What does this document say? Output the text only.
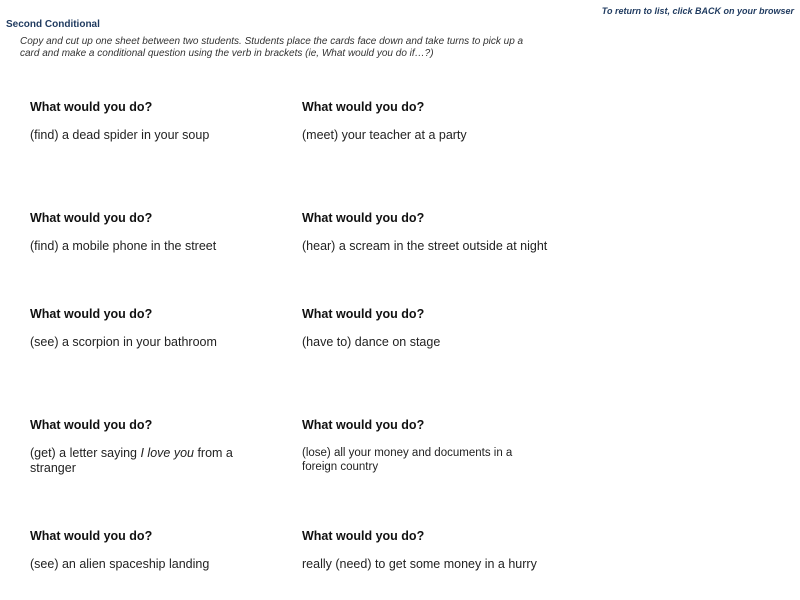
To return to list, click BACK on your browser
Second Conditional
Copy and cut up one sheet between two students. Students place the cards face down and take turns to pick up a card and make a conditional question using the verb in brackets (ie, What would you do if…?)
What would you do?
(find) a dead spider in your soup
What would you do?
(meet) your teacher at a party
What would you do?
(find) a mobile phone in the street
What would you do?
(hear) a scream in the street outside at night
What would you do?
(see) a scorpion in your bathroom
What would you do?
(have to) dance on stage
What would you do?
(get) a letter saying I love you from a stranger
What would you do?
(lose) all your money and documents in a foreign country
What would you do?
(see) an alien spaceship landing
What would you do?
really (need) to get some money in a hurry
